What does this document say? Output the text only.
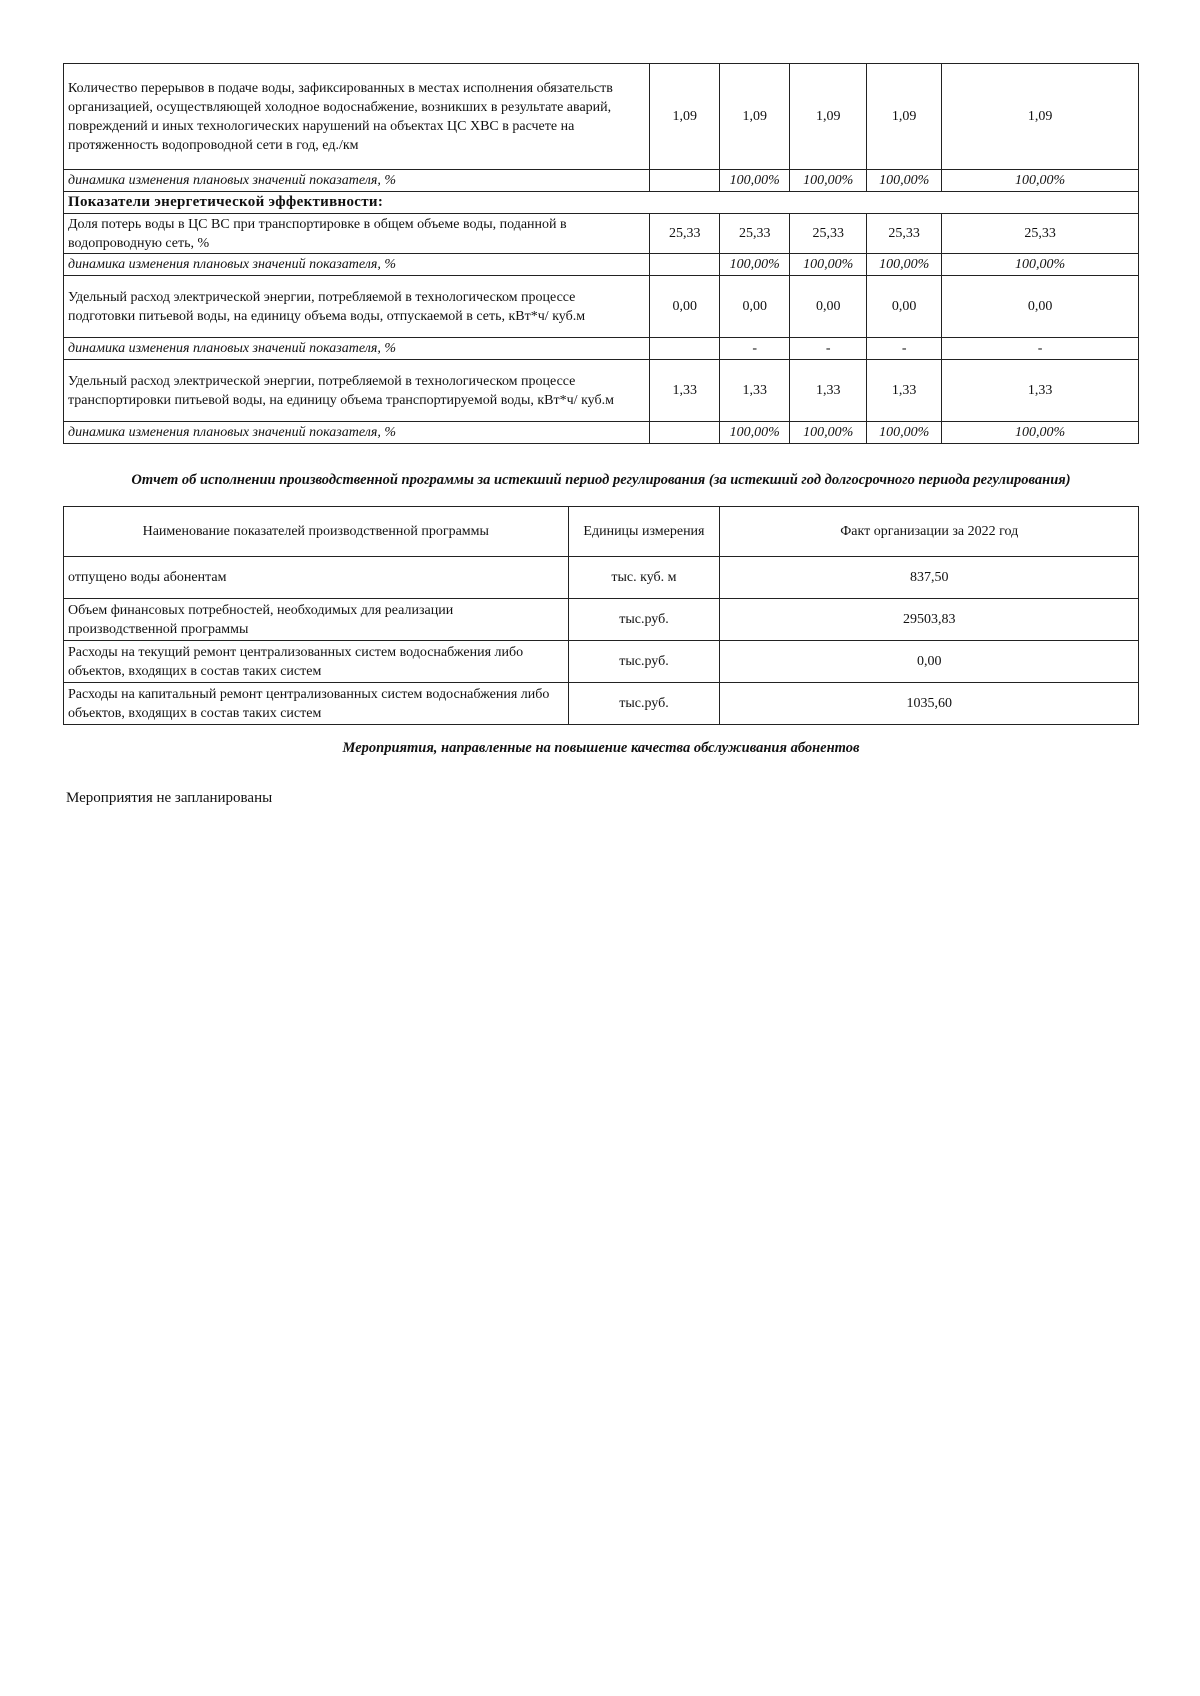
Количество перерывов в подаче воды, зафиксированных в местах исполнения обязательств организацией, осуществляющей холодное водоснабжение, возникших в результате аварий, повреждений и иных технологических нарушений на объектах ЦС ХВС в расчете на протяженность водопроводной сети в год, ед./км	1,09	1,09	1,09	1,09	1,09
динамика изменения плановых значений показателя, %		100,00%	100,00%	100,00%	100,00%
Показатели энергетической эффективности:					
Доля потерь воды в ЦС ВС при транспортировке в общем объеме воды, поданной в водопроводную сеть, %	25,33	25,33	25,33	25,33	25,33
динамика изменения плановых значений показателя, %		100,00%	100,00%	100,00%	100,00%
Удельный расход электрической энергии, потребляемой в технологическом процессе подготовки питьевой воды, на единицу объема воды, отпускаемой в сеть, кВт*ч/ куб.м	0,00	0,00	0,00	0,00	0,00
динамика изменения плановых значений показателя, %		-	-	-	-
Удельный расход электрической энергии, потребляемой в технологическом процессе транспортировки питьевой воды, на единицу объема транспортируемой воды, кВт*ч/ куб.м	1,33	1,33	1,33	1,33	1,33
динамика изменения плановых значений показателя, %		100,00%	100,00%	100,00%	100,00%
Отчет об исполнении производственной программы за истекший период регулирования (за истекший год долгосрочного периода регулирования)
Наименование показателей производственной программы	Единицы измерения	Факт организации за 2022 год
отпущено воды абонентам	тыс. куб. м	837,50
Объем финансовых потребностей, необходимых для реализации производственной программы	тыс.руб.	29503,83
Расходы на текущий ремонт централизованных систем водоснабжения либо объектов, входящих в состав таких систем	тыс.руб.	0,00
Расходы на капитальный ремонт централизованных систем водоснабжения либо объектов, входящих в состав таких систем	тыс.руб.	1035,60
Мероприятия, направленные на повышение качества обслуживания абонентов
Мероприятия не запланированы
